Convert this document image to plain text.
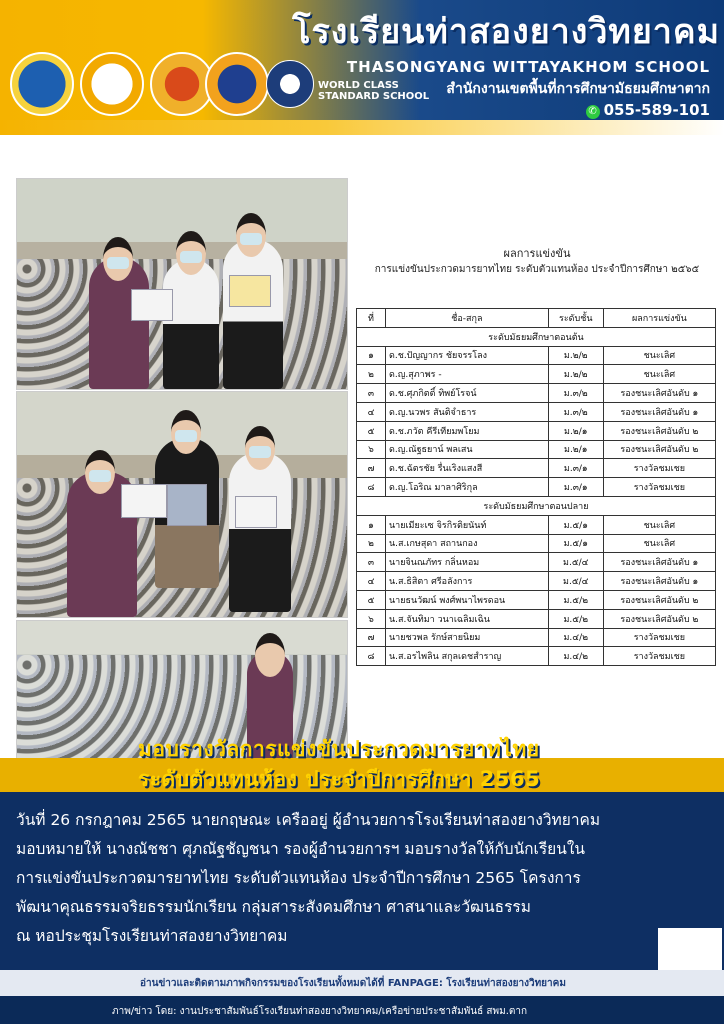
โรงเรียนท่าสองยางวิทยาคม
THASONGYANG WITTAYAKHOM SCHOOL
สำนักงานเขตพื้นที่การศึกษามัธยมศึกษาตาก
✆ 055-589-101
WORLD CLASS
STANDARD SCHOOL
ผลการแข่งขัน
การแข่งขันประกวดมารยาทไทย ระดับตัวแทนห้อง ประจำปีการศึกษา ๒๕๖๕
ที่	ชื่อ-สกุล	ระดับชั้น	ผลการแข่งขัน
ระดับมัธยมศึกษาตอนต้น			
๑	ด.ช.ปัญญากร ชัยจรรโลง	ม.๒/๒	ชนะเลิศ
๒	ด.ญ.สุภาพร -	ม.๒/๒	ชนะเลิศ
๓	ด.ช.ศุภกิตติ์ ทิพย์โรจน์	ม.๓/๒	รองชนะเลิศอันดับ ๑
๔	ด.ญ.นวพร สันติจำธาร	ม.๓/๒	รองชนะเลิศอันดับ ๑
๕	ด.ช.ภวัต คีรีเทียมพโยม	ม.๒/๑	รองชนะเลิศอันดับ ๒
๖	ด.ญ.ณัฐธยาน์ พลเสน	ม.๒/๑	รองชนะเลิศอันดับ ๒
๗	ด.ช.ฉัตรชัย รื่นเริงแสงสี	ม.๓/๑	รางวัลชมเชย
๘	ด.ญ.โอริณ มาลาศิริกุล	ม.๓/๑	รางวัลชมเชย
ระดับมัธยมศึกษาตอนปลาย			
๑	นายเมียะเซ จิรกิรติยนันท์	ม.๕/๑	ชนะเลิศ
๒	น.ส.เกษสุดา สถานกอง	ม.๕/๑	ชนะเลิศ
๓	นายจินณภัทร กลิ่นหอม	ม.๕/๔	รองชนะเลิศอันดับ ๑
๔	น.ส.ธิสิตา ศรีอลังการ	ม.๕/๔	รองชนะเลิศอันดับ ๑
๕	นายธนวัฒน์ พงศ์พนาไพรดอน	ม.๕/๒	รองชนะเลิศอันดับ ๒
๖	น.ส.จันทิมา วนาเฉลิมเฉิน	ม.๕/๒	รองชนะเลิศอันดับ ๒
๗	นายชวพล รักษ์สายนิยม	ม.๔/๒	รางวัลชมเชย
๘	น.ส.อรไพลิน สกุลเดชสำราญ	ม.๔/๒	รางวัลชมเชย
มอบรางวัลการแข่งขันประกวดมารยาทไทย
ระดับตัวแทนห้อง ประจำปีการศึกษา 2565
วันที่ 26 กรกฎาคม 2565 นายกฤษณะ เครืออยู่ ผู้อำนวยการโรงเรียนท่าสองยางวิทยาคม
มอบหมายให้ นางณัชชา ศุภณัฐชัญชนา รองผู้อำนวยการฯ มอบรางวัลให้กับนักเรียนใน
การแข่งขันประกวดมารยาทไทย ระดับตัวแทนห้อง ประจำปีการศึกษา 2565 โครงการ
พัฒนาคุณธรรมจริยธรรมนักเรียน กลุ่มสาระสังคมศึกษา ศาสนาและวัฒนธรรม
ณ หอประชุมโรงเรียนท่าสองยางวิทยาคม
อ่านข่าวและติดตามภาพกิจกรรมของโรงเรียนทั้งหมดได้ที่ FANPAGE: โรงเรียนท่าสองยางวิทยาคม
ภาพ/ข่าว โดย: งานประชาสัมพันธ์โรงเรียนท่าสองยางวิทยาคม/เครือข่ายประชาสัมพันธ์ สพม.ตาก
